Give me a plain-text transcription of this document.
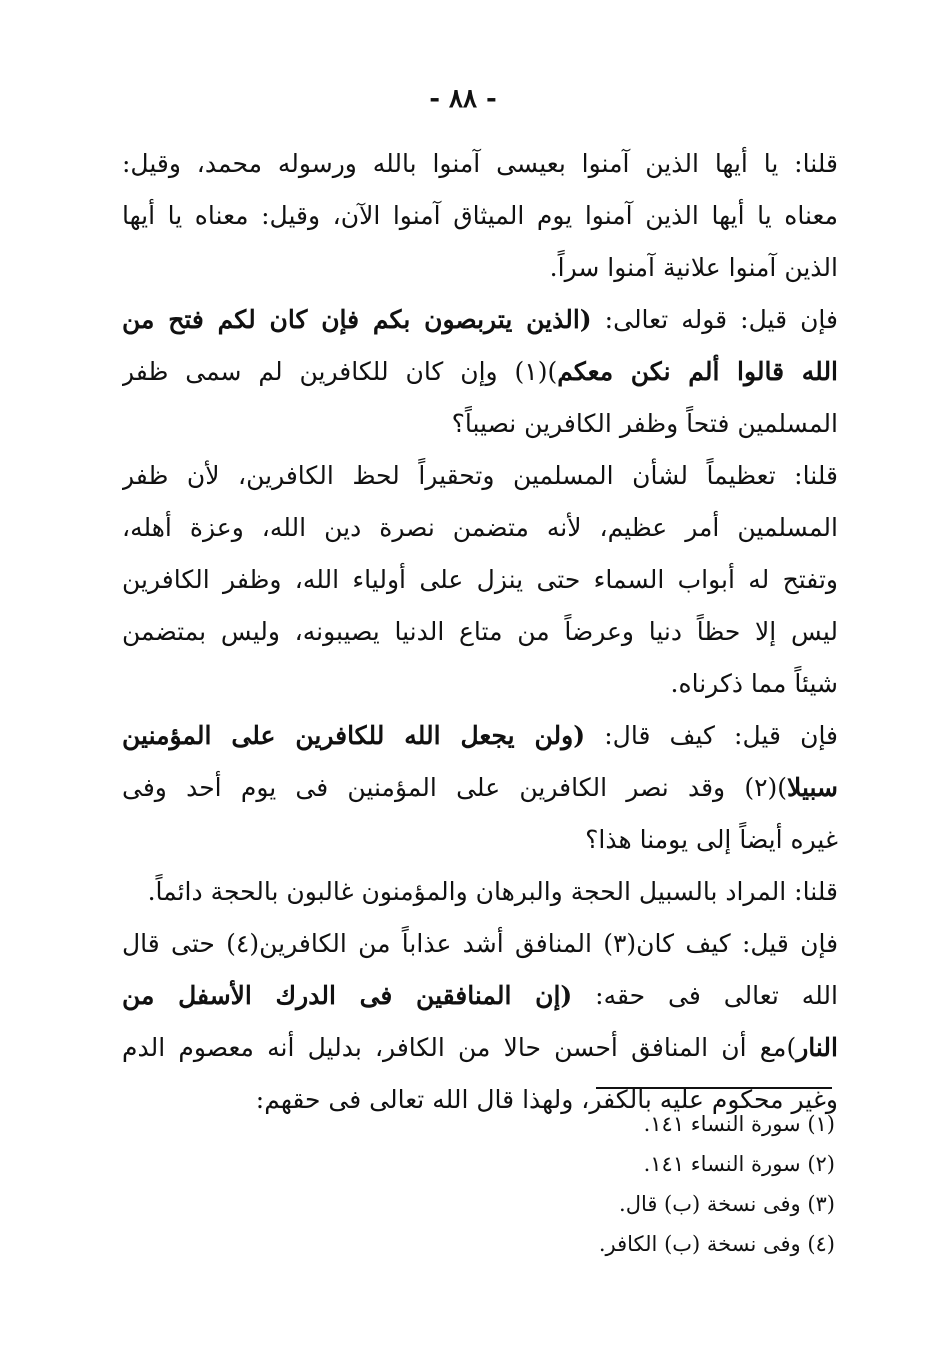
- ٨٨ -
قلنا: يا أيها الذين آمنوا بعيسى آمنوا بالله ورسوله محمد، وقيل:
معناه يا أيها الذين آمنوا يوم الميثاق آمنوا الآن، وقيل: معناه يا أيها
الذين آمنوا علانية آمنوا سراً.
فإن قيل: قوله تعالى: (الذين يتربصون بكم فإن كان لكم فتح من
الله قالوا ألم نكن معكم)(١) وإن كان للكافرين لم سمى ظفر
المسلمين فتحاً وظفر الكافرين نصيباً؟
قلنا: تعظيماً لشأن المسلمين وتحقيراً لحظ الكافرين، لأن ظفر
المسلمين أمر عظيم، لأنه متضمن نصرة دين الله، وعزة أهله،
وتفتح له أبواب السماء حتى ينزل على أولياء الله، وظفر الكافرين
ليس إلا حظاً دنيا وعرضاً من متاع الدنيا يصيبونه، وليس بمتضمن
شيئاً مما ذكرناه.
فإن قيل: كيف قال: (ولن يجعل الله للكافرين على المؤمنين
سبيلا)(٢) وقد نصر الكافرين على المؤمنين فى يوم أحد وفى
غيره أيضاً إلى يومنا هذا؟
قلنا: المراد بالسبيل الحجة والبرهان والمؤمنون غالبون بالحجة دائماً.
فإن قيل: كيف كان(٣) المنافق أشد عذاباً من الكافرين(٤) حتى قال
الله تعالى فى حقه: (إن المنافقين فى الدرك الأسفل من
النار)مع أن المنافق أحسن حالا من الكافر، بدليل أنه معصوم الدم
وغير محكوم عليه بالكفر، ولهذا قال الله تعالى فى حقهم:
(١) سورة النساء ١٤١.
(٢) سورة النساء ١٤١.
(٣) وفى نسخة (ب) قال.
(٤) وفى نسخة (ب) الكافر.
